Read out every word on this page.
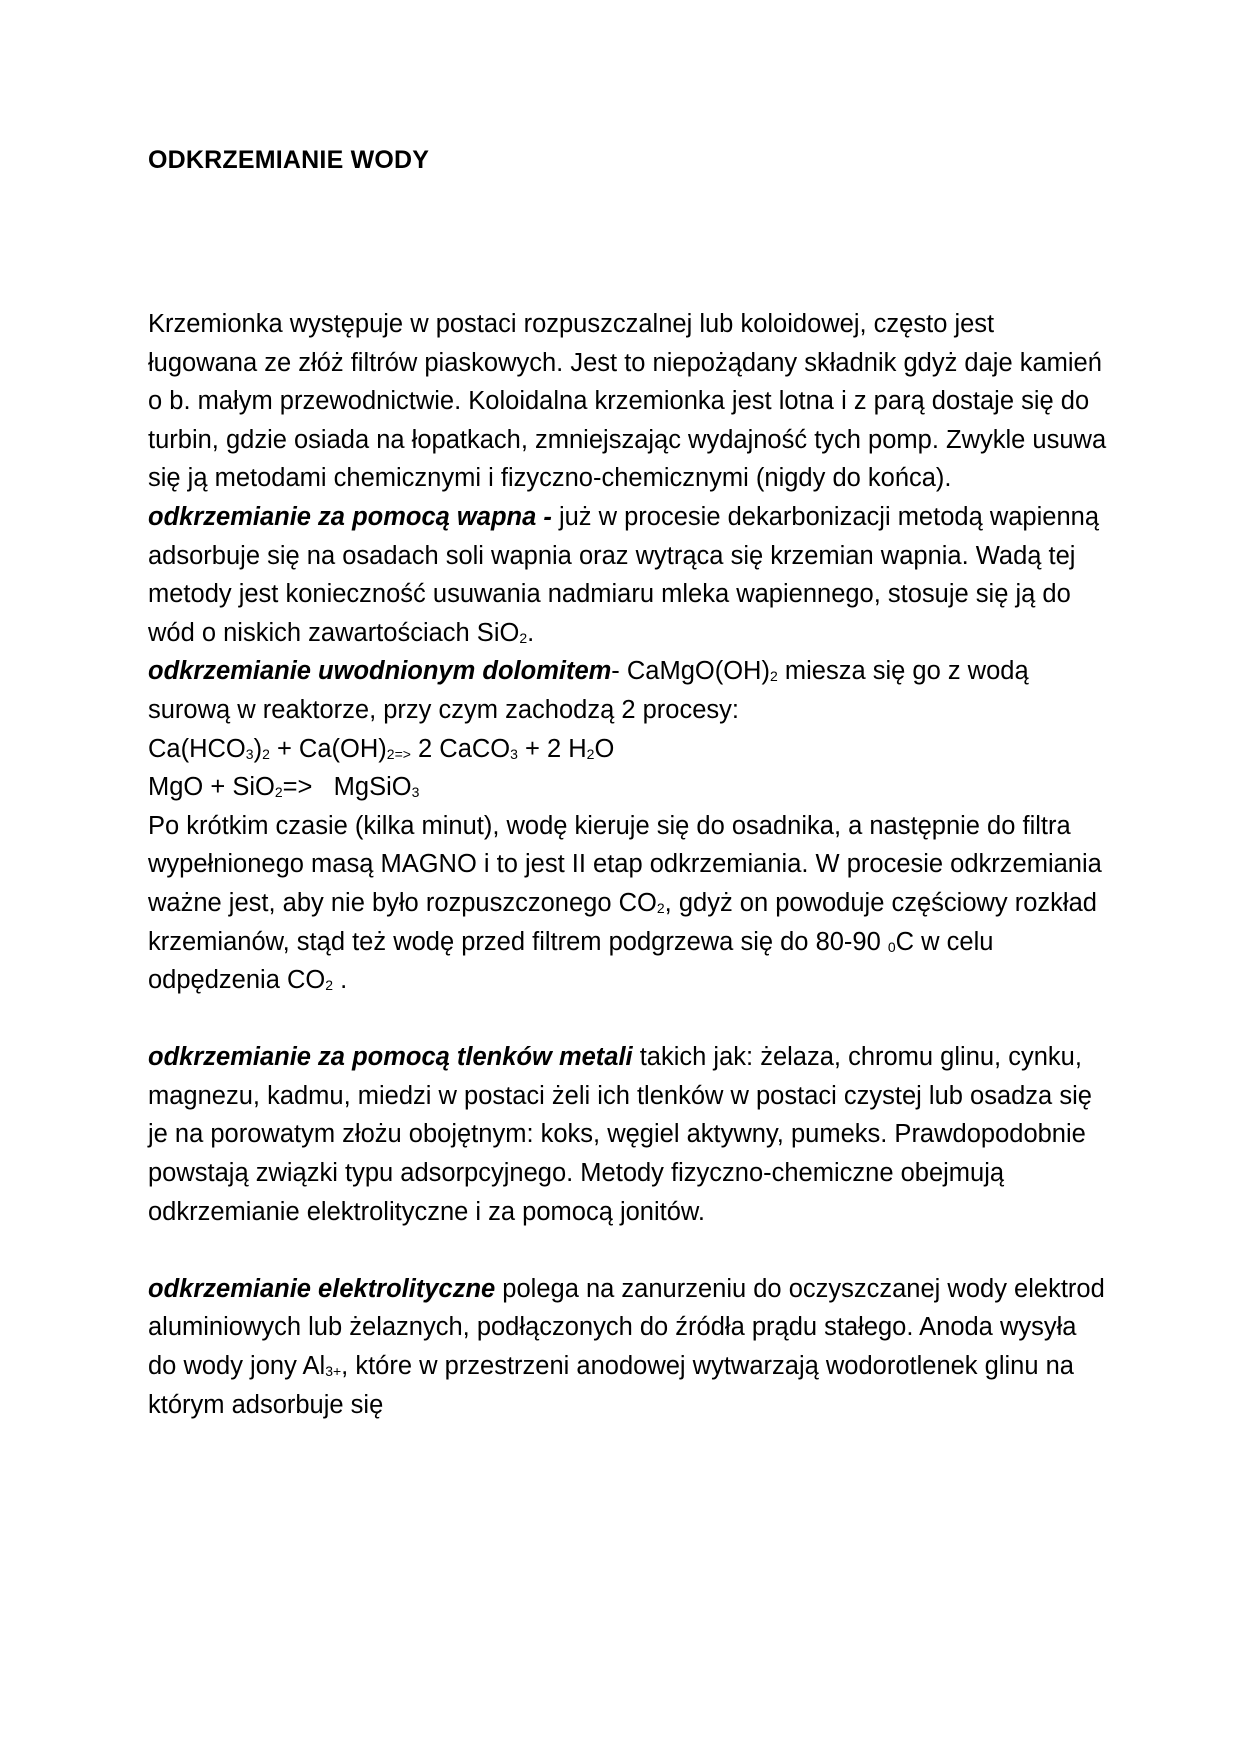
ODKRZEMIANIE WODY

Krzemionka występuje w postaci rozpuszczalnej lub koloidowej, często jest ługowana ze złóż filtrów piaskowych. Jest to niepożądany składnik gdyż daje kamień o b. małym przewodnictwie. Koloidalna krzemionka jest lotna i z parą dostaje się do turbin, gdzie osiada na łopatkach, zmniejszając wydajność tych pomp. Zwykle usuwa się ją metodami chemicznymi i fizyczno-chemicznymi (nigdy do końca).

odkrzemianie za pomocą wapna - już w procesie dekarbonizacji metodą wapienną adsorbuje się na osadach soli wapnia oraz wytrąca się krzemian wapnia. Wadą tej metody jest konieczność usuwania nadmiaru mleka wapiennego, stosuje się ją do wód o niskich zawartościach SiO$_2$.

odkrzemianie uwodnionym dolomitem- $CaMgO(OH)_2$ miesza się go z wodą surową w reaktorze, przy czym zachodzą 2 procesy:

$Ca(HCO_3)_2 + Ca(OH)_{2=>}$ 2 CaCO$_3$ + 2 $H_2O$

MgO + SiO$_2$=>   MgSiO$_3$

Po krótkim czasie (kilka minut), wodę kieruje się do osadnika, a następnie do filtra wypełnionego masą MAGNO i to jest II etap odkrzemiania. W procesie odkrzemiania ważne jest, aby nie było rozpuszczonego $CO_2$, gdyż on powoduje częściowy rozkład krzemianów, stąd też wodę przed filtrem podgrzewa się do 80-90 $_0$C w celu odpędzenia $CO_2$ .

odkrzemianie za pomocą tlenków metali takich jak: żelaza, chromu glinu, cynku, magnezu, kadmu, miedzi w postaci żeli ich tlenków w postaci czystej lub osadza się je na porowatym złożu obojętnym: koks, węgiel aktywny, pumeks. Prawdopodobnie powstają związki typu adsorpcyjnego. Metody fizyczno-chemiczne obejmują odkrzemianie elektrolityczne i za pomocą jonitów.

odkrzemianie elektrolityczne polega na zanurzeniu do oczyszczanej wody elektrod aluminiowych lub żelaznych, podłączonych do źródła prądu stałego. Anoda wysyła do wody jony $Al^{3+}$, które w przestrzeni anodowej wytwarzają wodorotlenek glinu na którym adsorbuje się
